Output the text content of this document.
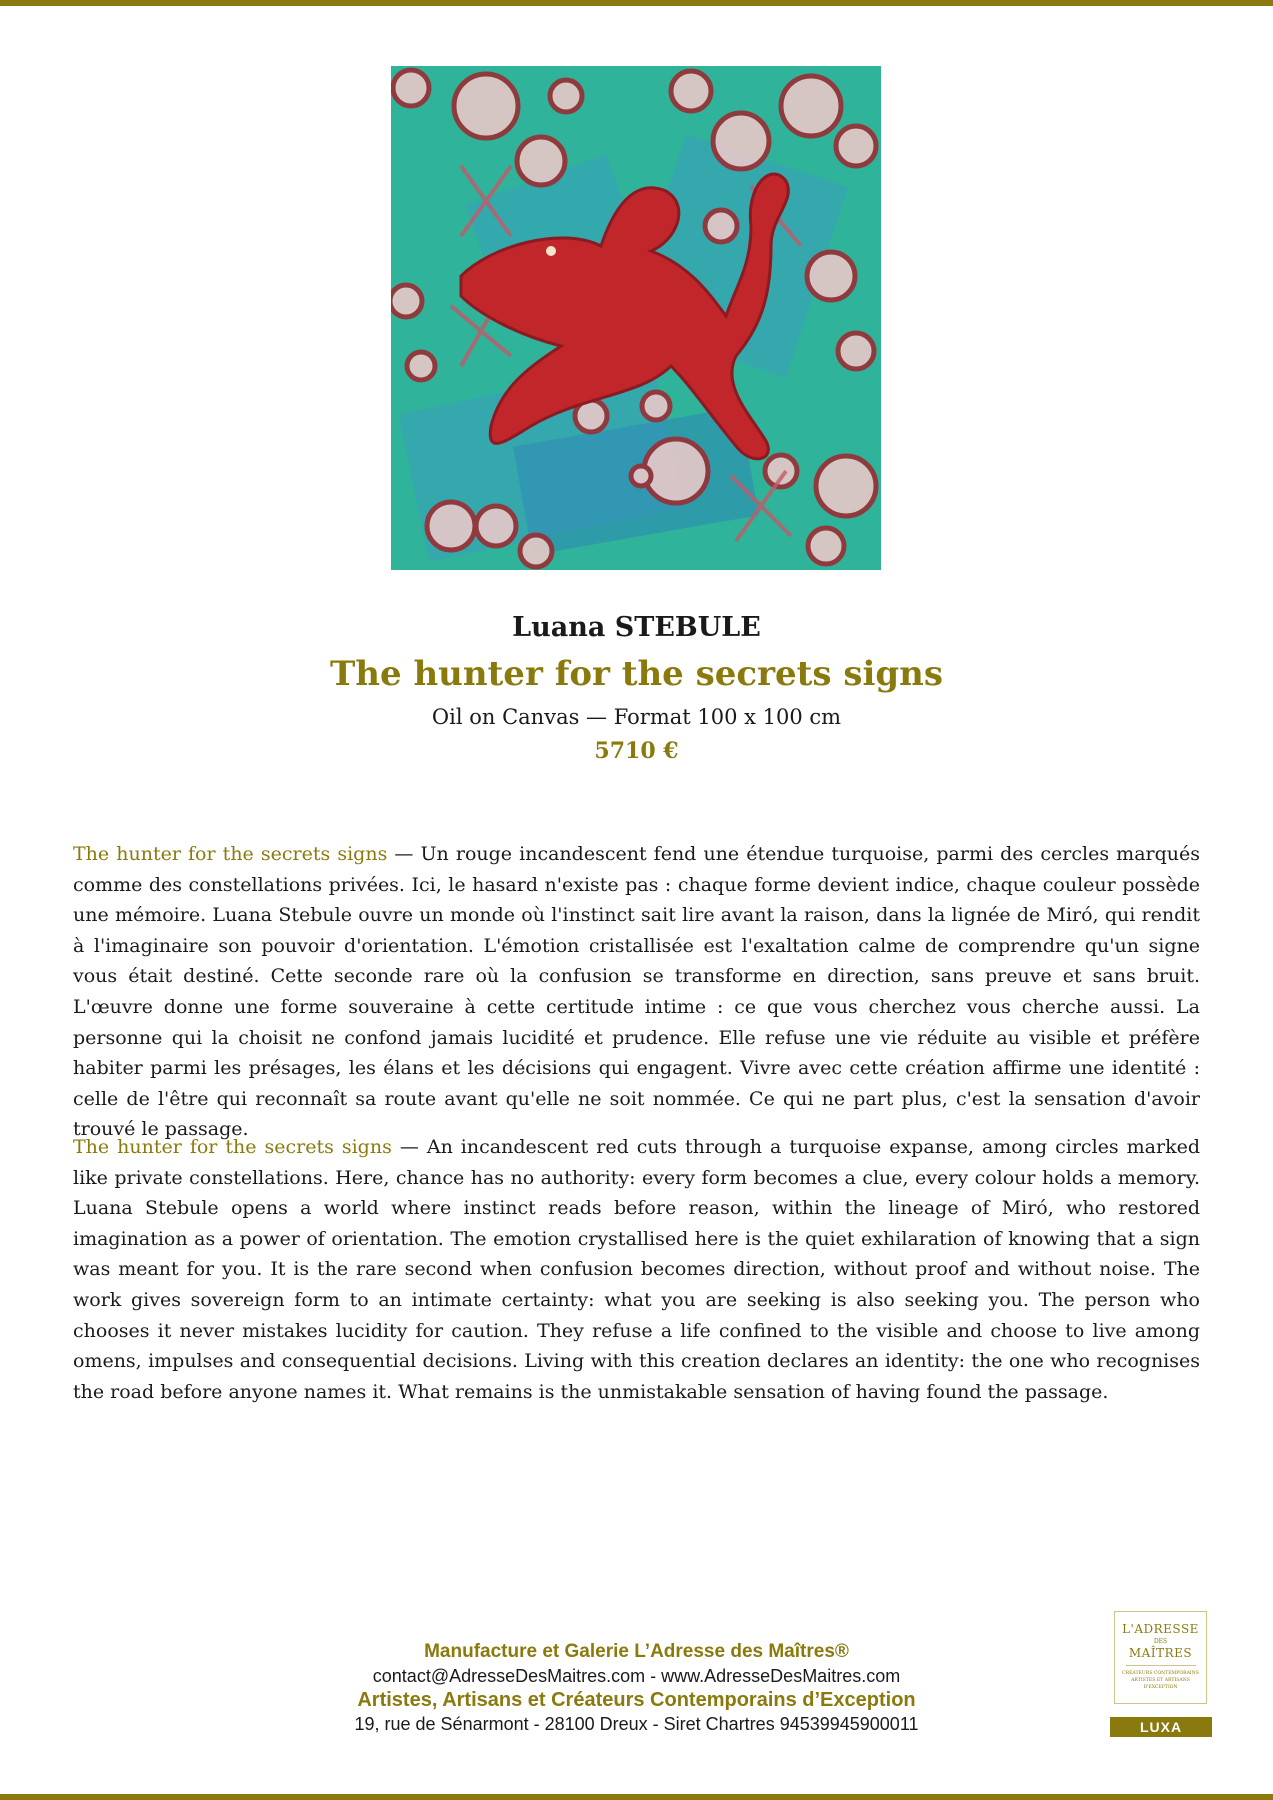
Luana STEBULE
The hunter for the secrets signs
Oil on Canvas — Format 100 x 100 cm
5710 €

The hunter for the secrets signs — Un rouge incandescent fend une étendue turquoise, parmi des cercles marqués comme des constellations privées. Ici, le hasard n'existe pas : chaque forme devient indice, chaque couleur possède une mémoire. Luana Stebule ouvre un monde où l'instinct sait lire avant la raison, dans la lignée de Miró, qui rendit à l'imaginaire son pouvoir d'orientation. L'émotion cristallisée est l'exaltation calme de comprendre qu'un signe vous était destiné. Cette seconde rare où la confusion se transforme en direction, sans preuve et sans bruit. L'œuvre donne une forme souveraine à cette certitude intime : ce que vous cherchez vous cherche aussi. La personne qui la choisit ne confond jamais lucidité et prudence. Elle refuse une vie réduite au visible et préfère habiter parmi les présages, les élans et les décisions qui engagent. Vivre avec cette création affirme une identité : celle de l'être qui reconnaît sa route avant qu'elle ne soit nommée. Ce qui ne part plus, c'est la sensation d'avoir trouvé le passage.

The hunter for the secrets signs — An incandescent red cuts through a turquoise expanse, among circles marked like private constellations. Here, chance has no authority: every form becomes a clue, every colour holds a memory. Luana Stebule opens a world where instinct reads before reason, within the lineage of Miró, who restored imagination as a power of orientation. The emotion crystallised here is the quiet exhilaration of knowing that a sign was meant for you. It is the rare second when confusion becomes direction, without proof and without noise. The work gives sovereign form to an intimate certainty: what you are seeking is also seeking you. The person who chooses it never mistakes lucidity for caution. They refuse a life confined to the visible and choose to live among omens, impulses and consequential decisions. Living with this creation declares an identity: the one who recognises the road before anyone names it. What remains is the unmistakable sensation of having found the passage.

Manufacture et Galerie L’Adresse des Maîtres®
contact@AdresseDesMaitres.com - www.AdresseDesMaitres.com
Artistes, Artisans et Créateurs Contemporains d’Exception
19, rue de Sénarmont - 28100 Dreux - Siret Chartres 94539945900011
L'ADRESSE
DES
MAÎTRES
CRÉATEURS CONTEMPORAINS ARTISTES ET ARTISANS D'EXCEPTION
LUXA
